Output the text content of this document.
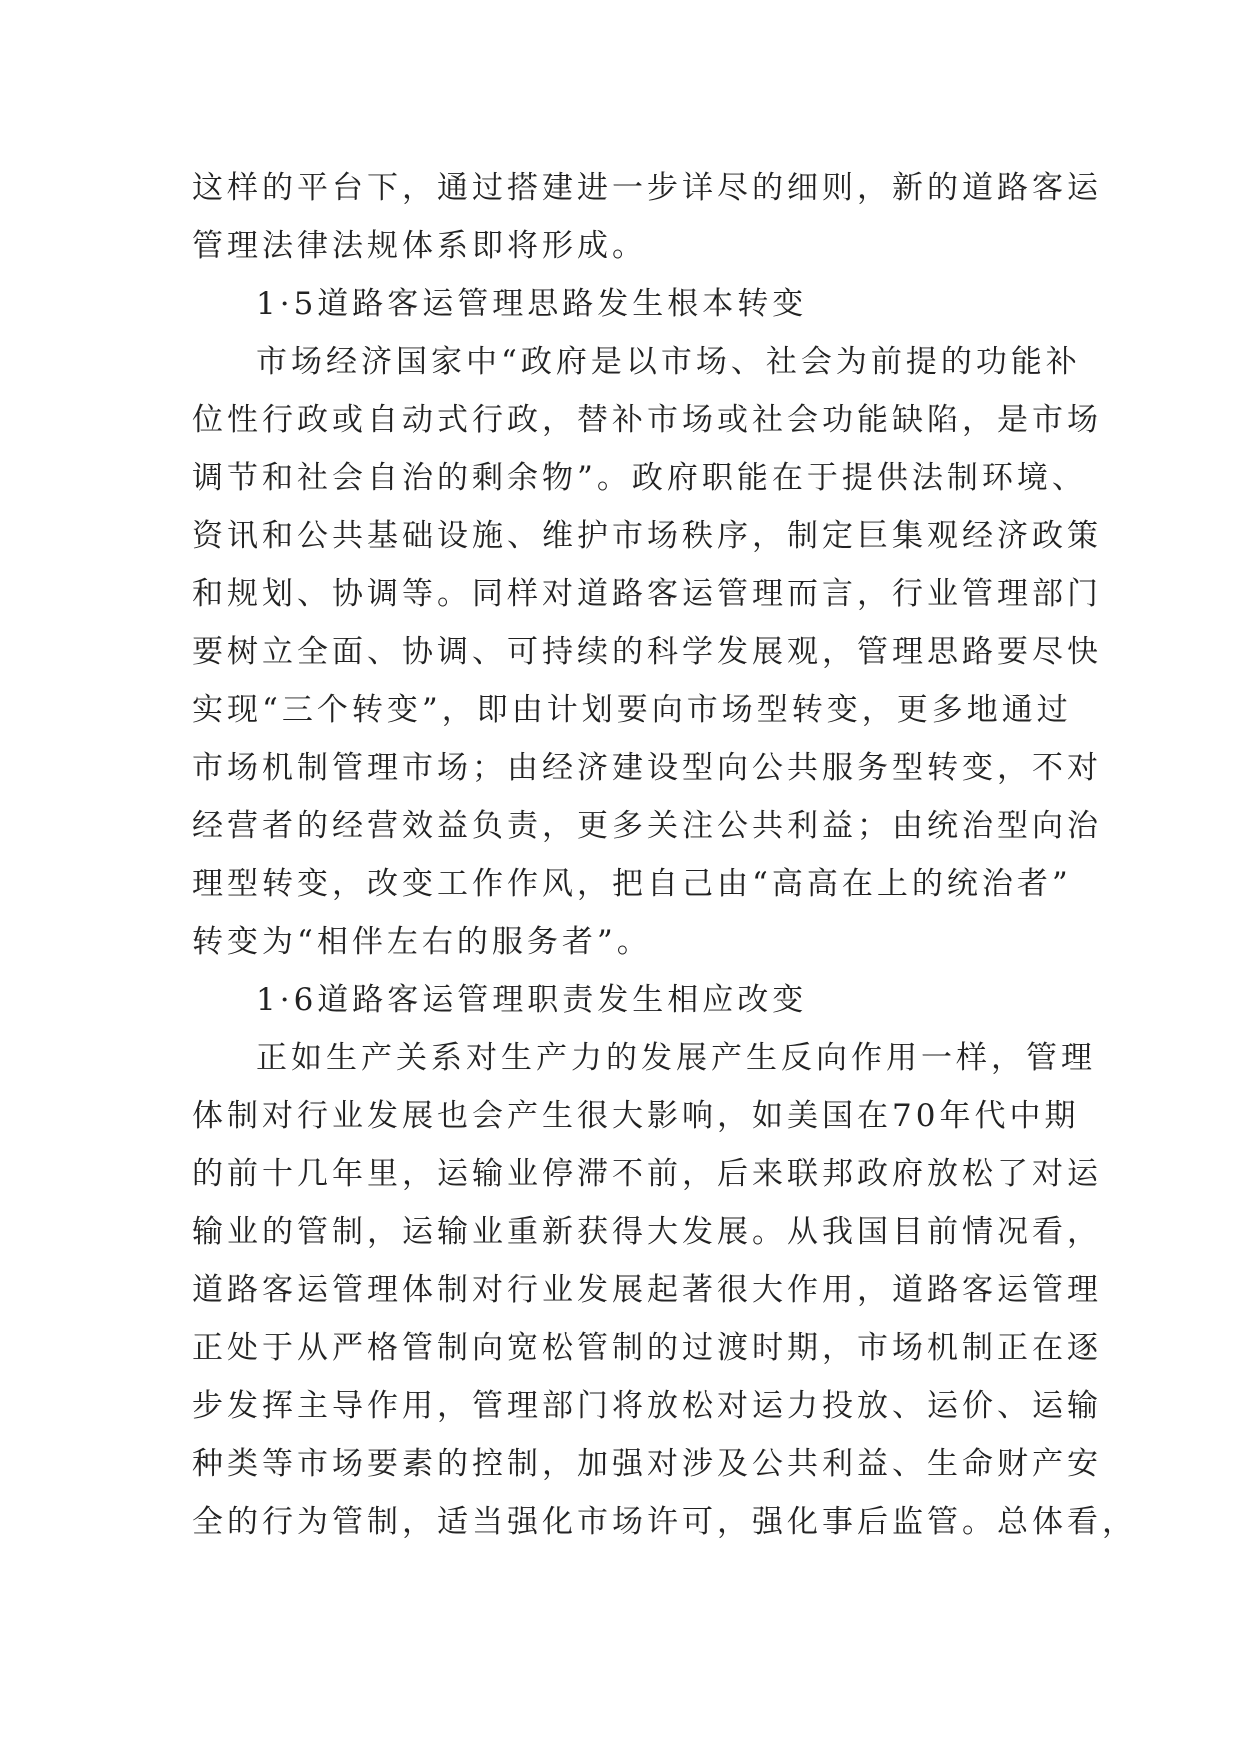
这样的平台下，通过搭建进一步详尽的细则，新的道路客运
管理法律法规体系即将形成。
1·5道路客运管理思路发生根本转变
市场经济国家中“政府是以市场、社会为前提的功能补
位性行政或自动式行政，替补市场或社会功能缺陷，是市场
调节和社会自治的剩余物”。政府职能在于提供法制环境、
资讯和公共基础设施、维护市场秩序，制定巨集观经济政策
和规划、协调等。同样对道路客运管理而言，行业管理部门
要树立全面、协调、可持续的科学发展观，管理思路要尽快
实现“三个转变”，即由计划要向市场型转变，更多地通过
市场机制管理市场；由经济建设型向公共服务型转变，不对
经营者的经营效益负责，更多关注公共利益；由统治型向治
理型转变，改变工作作风，把自己由“高高在上的统治者”
转变为“相伴左右的服务者”。
1·6道路客运管理职责发生相应改变
正如生产关系对生产力的发展产生反向作用一样，管理
体制对行业发展也会产生很大影响，如美国在70年代中期
的前十几年里，运输业停滞不前，后来联邦政府放松了对运
输业的管制，运输业重新获得大发展。从我国目前情况看，
道路客运管理体制对行业发展起著很大作用，道路客运管理
正处于从严格管制向宽松管制的过渡时期，市场机制正在逐
步发挥主导作用，管理部门将放松对运力投放、运价、运输
种类等市场要素的控制，加强对涉及公共利益、生命财产安
全的行为管制，适当强化市场许可，强化事后监管。总体看，
